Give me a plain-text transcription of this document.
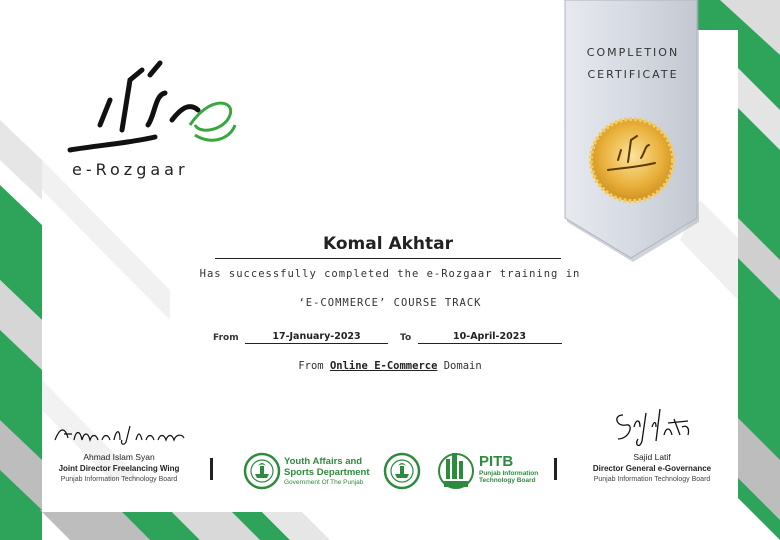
e-Rozgaar
COMPLETION
CERTIFICATE
Komal Akhtar
Has successfully completed the e-Rozgaar training in
‘E-COMMERCE’ COURSE TRACK
From	17-January-2023	To	10-April-2023
From Online E-Commerce Domain
Ahmad Islam Syan
Joint Director Freelancing Wing
Punjab Information Technology Board
Sajid Latif
Director General e-Governance
Punjab Information Technology Board
Youth Affairs and
Sports Department
Government Of The Punjab
PITB
Punjab Information
Technology Board
